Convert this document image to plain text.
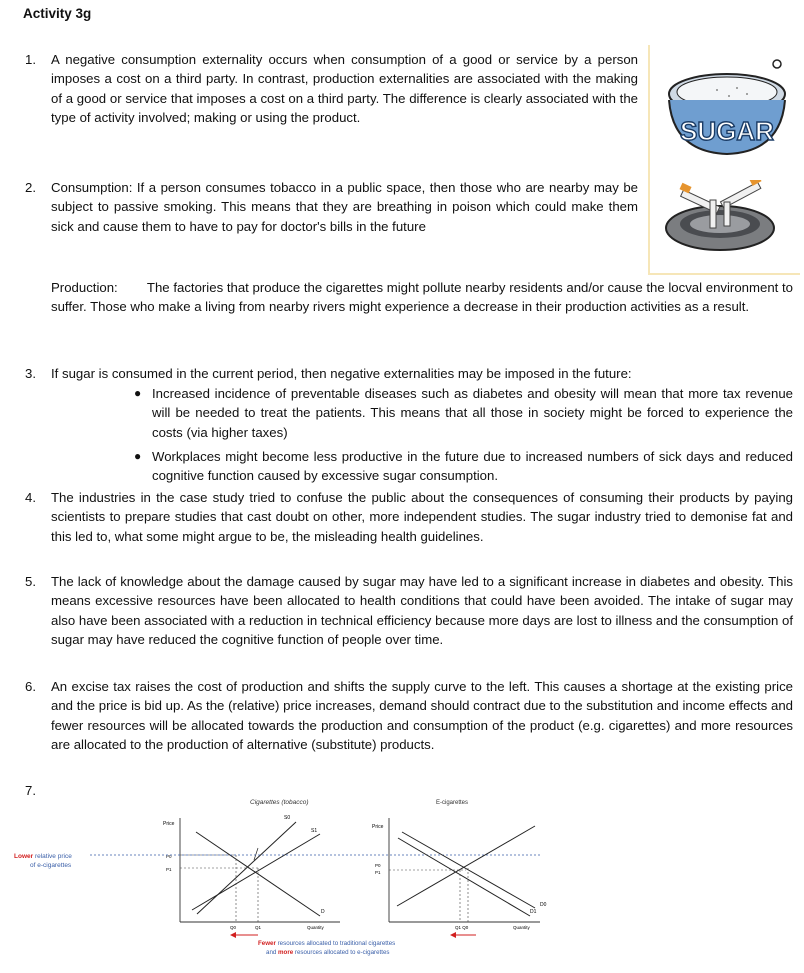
Activity 3g
1. A negative consumption externality occurs when consumption of a good or service by a person imposes a cost on a third party. In contrast, production externalities are associated with the making of a good or service that imposes a cost on a third party. The difference is clearly associated with the type of activity involved; making or using the product.
2. Consumption: If a person consumes tobacco in a public space, then those who are nearby may be subject to passive smoking. This means that they are breathing in poison which could make them sick and cause them to have to pay for doctor's bills in the future
Production:        The factories that produce the cigarettes might pollute nearby residents and/or cause the locval environment to suffer. Those who make a living from nearby rivers might experience a decrease in their production activities as a result.
3. If sugar is consumed in the current period, then negative externalities may be imposed in the future:
● Increased incidence of preventable diseases such as diabetes and obesity will mean that more tax revenue will be needed to treat the patients. This means that all those in society might be forced to experience the costs (via higher taxes)
● Workplaces might become less productive in the future due to increased numbers of sick days and reduced cognitive function caused by excessive sugar consumption.
4. The industries in the case study tried to confuse the public about the consequences of consuming their products by paying scientists to prepare studies that cast doubt on other, more independent studies. The sugar industry tried to demonise fat and this led to, what some might argue to be, the misleading health guidelines.
5. The lack of knowledge about the damage caused by sugar may have led to a significant increase in diabetes and obesity. This means excessive resources have been allocated to health conditions that could have been avoided. The intake of sugar may also have been associated with a reduction in technical efficiency because more days are lost to illness and the consumption of sugar may have reduced the cognitive function of people over time.
6. An excise tax raises the cost of production and shifts the supply curve to the left. This causes a shortage at the existing price and the price is bid up. As the (relative) price increases, demand should contract due to the substitution and income effects and fewer resources will be allocated towards the production and consumption of the product (e.g. cigarettes) and more resources are allocated to the production of alternative (substitute) products.
7.
SUGAR
Cigarettes (tobacco)
Price
Quantity
S0
S1
D
P0
P1
Q0	Q1
Lower relative price
of e-cigarettes
E-cigarettes
Price
Quantity
D0
D1
P0
P1
Q1 Q0
Fewer resources allocated to traditional cigarettes
and more resources allocated to e-cigarettes
